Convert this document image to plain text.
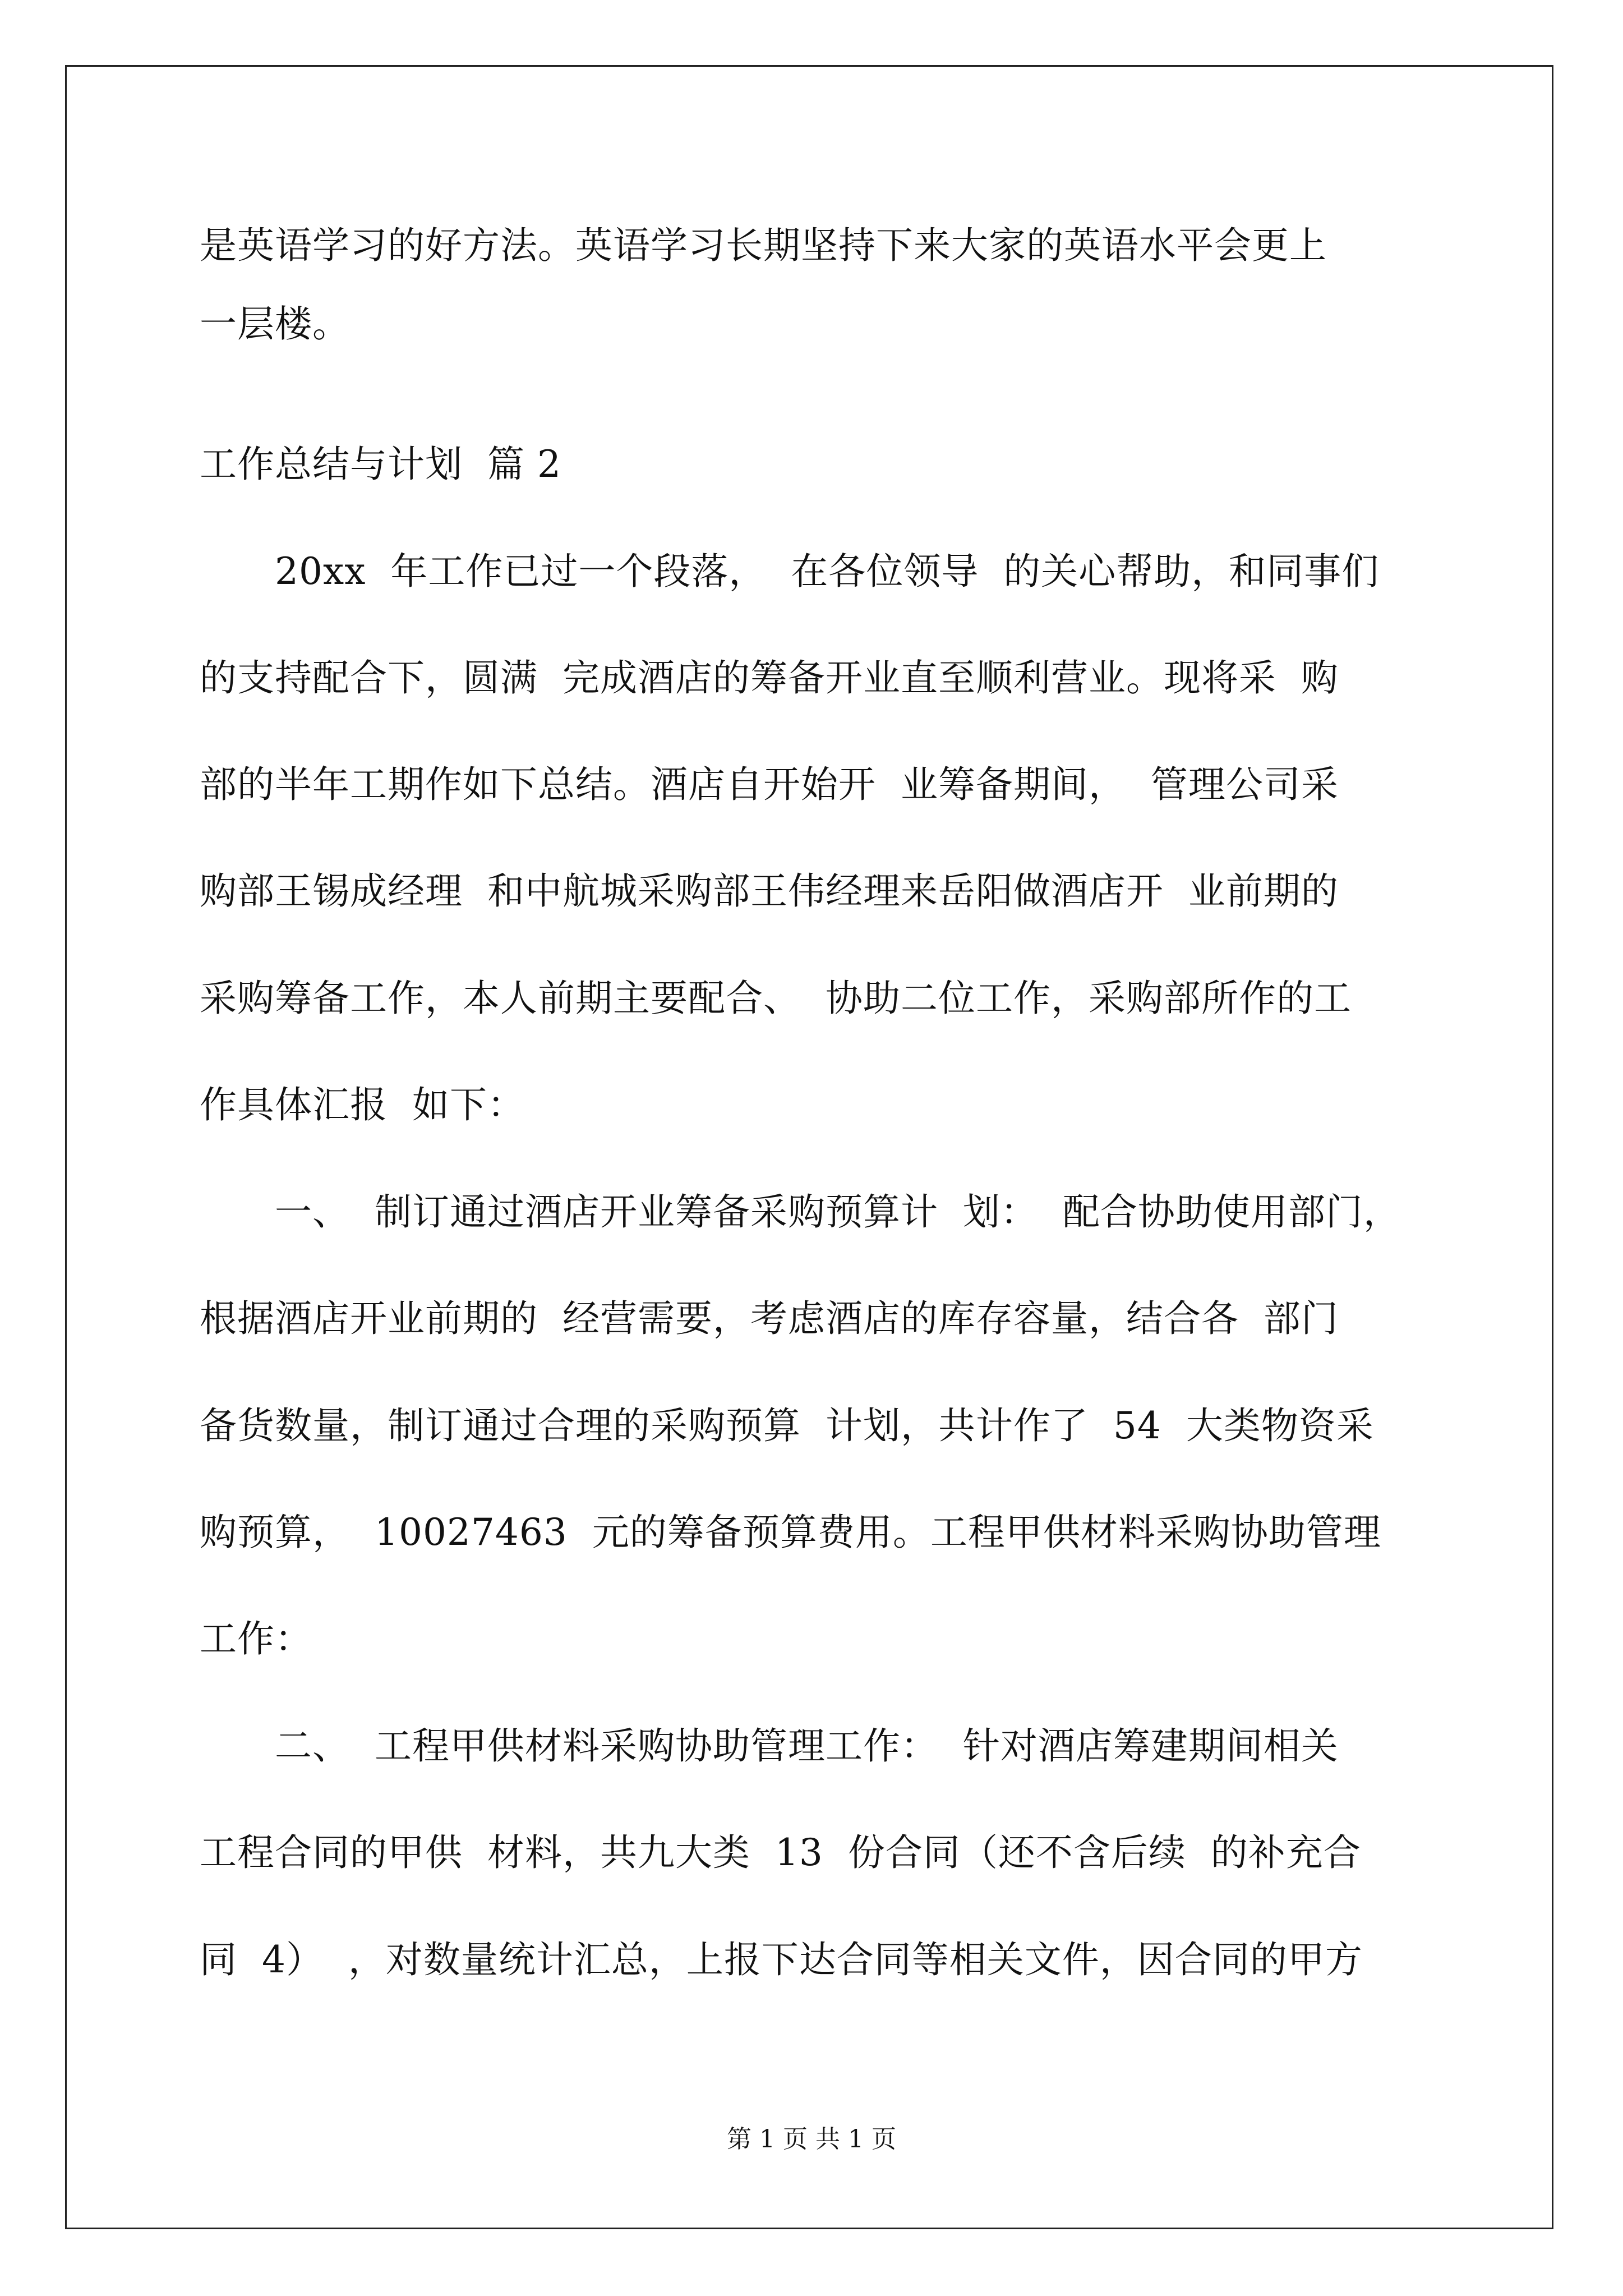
是英语学习的好方法。英语学习长期坚持下来大家的英语水平会更上
一层楼。
工作总结与计划  篇 2
20xx  年工作已过一个段落，  在各位领导  的关心帮助，和同事们
的支持配合下，圆满  完成酒店的筹备开业直至顺利营业。现将采  购
部的半年工期作如下总结。酒店自开始开  业筹备期间，  管理公司采
购部王锡成经理  和中航城采购部王伟经理来岳阳做酒店开  业前期的
采购筹备工作，本人前期主要配合、  协助二位工作，采购部所作的工
作具体汇报  如下：
一、  制订通过酒店开业筹备采购预算计  划：  配合协助使用部门，
根据酒店开业前期的  经营需要，考虑酒店的库存容量，结合各  部门
备货数量，制订通过合理的采购预算  计划，共计作了  54  大类物资采
购预算，  10027463  元的筹备预算费用。工程甲供材料采购协助管理
工作：
二、  工程甲供材料采购协助管理工作：  针对酒店筹建期间相关
工程合同的甲供  材料，共九大类  13  份合同（还不含后续  的补充合
同  4）  ，对数量统计汇总，上报下达合同等相关文件，因合同的甲方
第 1 页 共 1 页
